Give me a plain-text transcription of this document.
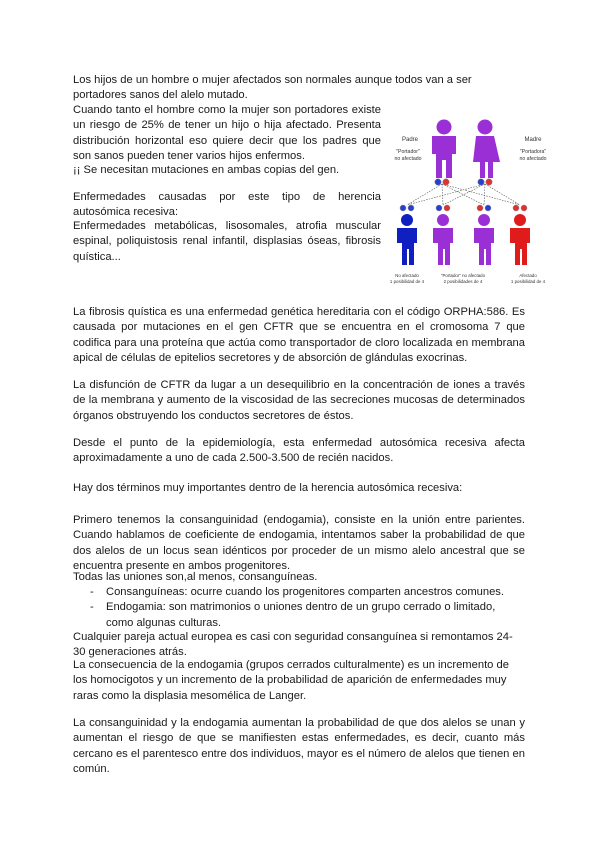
Los hijos de un hombre o mujer afectados son normales aunque todos van a ser portadores sanos del alelo mutado.

Cuando tanto el hombre como la mujer son portadores existe un riesgo de 25% de tener un hijo o hija afectado. Presenta distribución horizontal eso quiere decir que los padres que son sanos pueden tener varios hijos enfermos.

¡¡ Se necesitan mutaciones en ambas copias del gen.

Enfermedades causadas por este tipo de herencia autosómica recesiva:

Enfermedades metabólicas, lisosomales, atrofia muscular espinal, poliquistosis renal infantil, displasias óseas, fibrosis quística...

Padre
"Portador"
no afectado
Madre
"Portadora"
no afectado
No afectado
1 posibilidad de 4
"Portador" no afectado
2 posibilidades de 4
Afectado
1 posibilidad de 4

La fibrosis quística es una enfermedad genética hereditaria con el código ORPHA:586. Es causada por mutaciones en el gen CFTR que se encuentra en el cromosoma 7 que codifica para una proteína que actúa como transportador de cloro localizada en membrana apical de células de epitelios secretores y de absorción de glándulas exocrinas.

La disfunción de CFTR da lugar a un desequilibrio en la concentración de iones a través de la membrana y aumento de la viscosidad de las secreciones mucosas de determinados órganos obstruyendo los conductos secretores de éstos.

Desde el punto de la epidemiología, esta enfermedad autosómica recesiva afecta aproximadamente a uno de cada 2.500-3.500 de recién nacidos.

Hay dos términos muy importantes dentro de la herencia autosómica recesiva:

Primero tenemos la consanguinidad (endogamia), consiste en la unión entre parientes. Cuando hablamos de coeficiente de endogamia, intentamos saber la probabilidad de que dos alelos de un locus sean idénticos por proceder de un mismo alelo ancestral que se encuentra presente en ambos progenitores.

Todas las uniones son,al menos, consanguíneas.

- Consanguíneas: ocurre cuando los progenitores comparten ancestros comunes.
- Endogamia: son matrimonios o uniones dentro de un grupo cerrado o limitado, como algunas culturas.

Cualquier pareja actual europea es casi con seguridad consanguínea si remontamos 24-30 generaciones atrás.

La consecuencia de la endogamia (grupos cerrados culturalmente) es un incremento de los homocigotos y un incremento de la probabilidad de aparición de enfermedades muy raras como la displasia mesomélica de Langer.

La consanguinidad y la endogamia aumentan la probabilidad de que dos alelos se unan y aumentan el riesgo de que se manifiesten estas enfermedades, es decir, cuanto más cercano es el parentesco entre dos individuos, mayor es el número de alelos que tienen en común.
